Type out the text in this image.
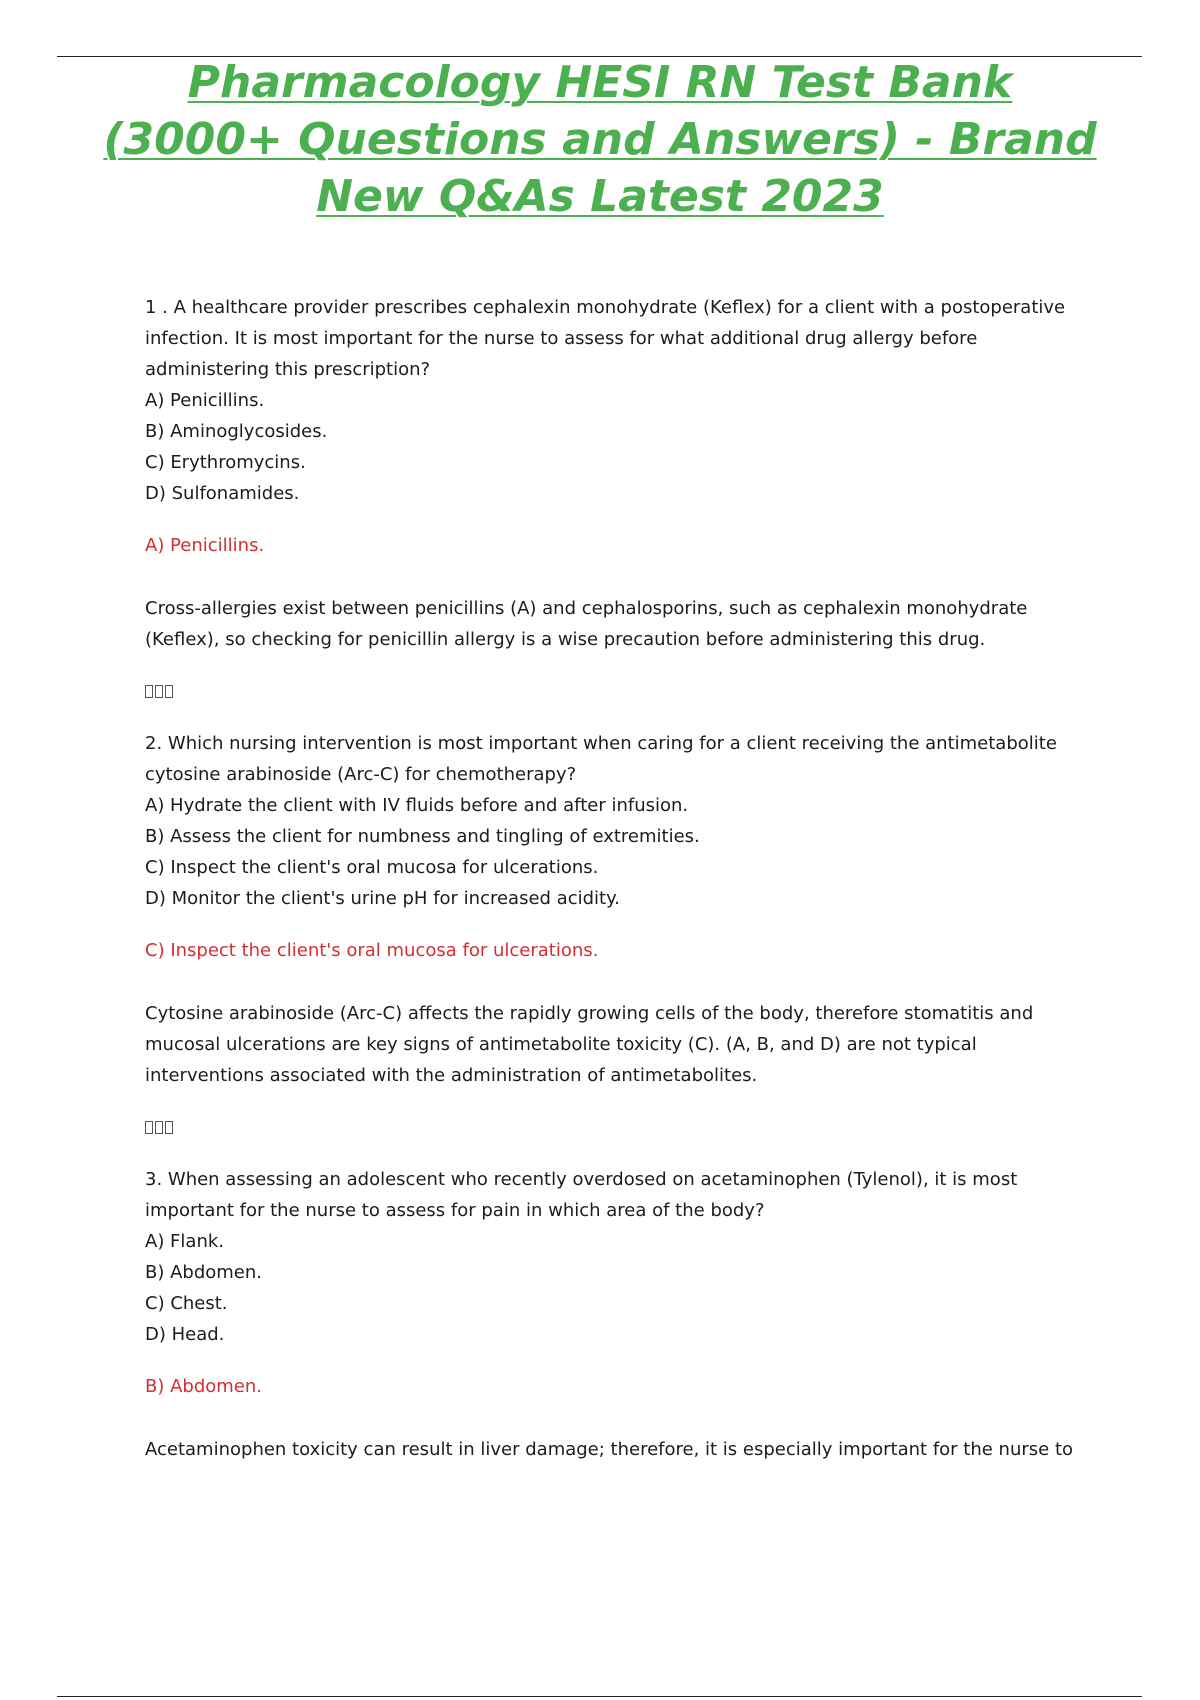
Pharmacology HESI RN Test Bank
(3000+ Questions and Answers) - Brand
New Q&As Latest 2023

1 . A healthcare provider prescribes cephalexin monohydrate (Keflex) for a client with a postoperative

infection. It is most important for the nurse to assess for what additional drug allergy before

administering this prescription?

A) Penicillins.

B) Aminoglycosides.

C) Erythromycins.

D) Sulfonamides.

A) Penicillins.

Cross-allergies exist between penicillins (A) and cephalosporins, such as cephalexin monohydrate

(Keflex), so checking for penicillin allergy is a wise precaution before administering this drug.

2. Which nursing intervention is most important when caring for a client receiving the antimetabolite

cytosine arabinoside (Arc-C) for chemotherapy?

A) Hydrate the client with IV fluids before and after infusion.

B) Assess the client for numbness and tingling of extremities.

C) Inspect the client's oral mucosa for ulcerations.

D) Monitor the client's urine pH for increased acidity.

C) Inspect the client's oral mucosa for ulcerations.

Cytosine arabinoside (Arc-C) affects the rapidly growing cells of the body, therefore stomatitis and

mucosal ulcerations are key signs of antimetabolite toxicity (C). (A, B, and D) are not typical

interventions associated with the administration of antimetabolites.

3. When assessing an adolescent who recently overdosed on acetaminophen (Tylenol), it is most

important for the nurse to assess for pain in which area of the body?

A) Flank.

B) Abdomen.

C) Chest.

D) Head.

B) Abdomen.

Acetaminophen toxicity can result in liver damage; therefore, it is especially important for the nurse to
